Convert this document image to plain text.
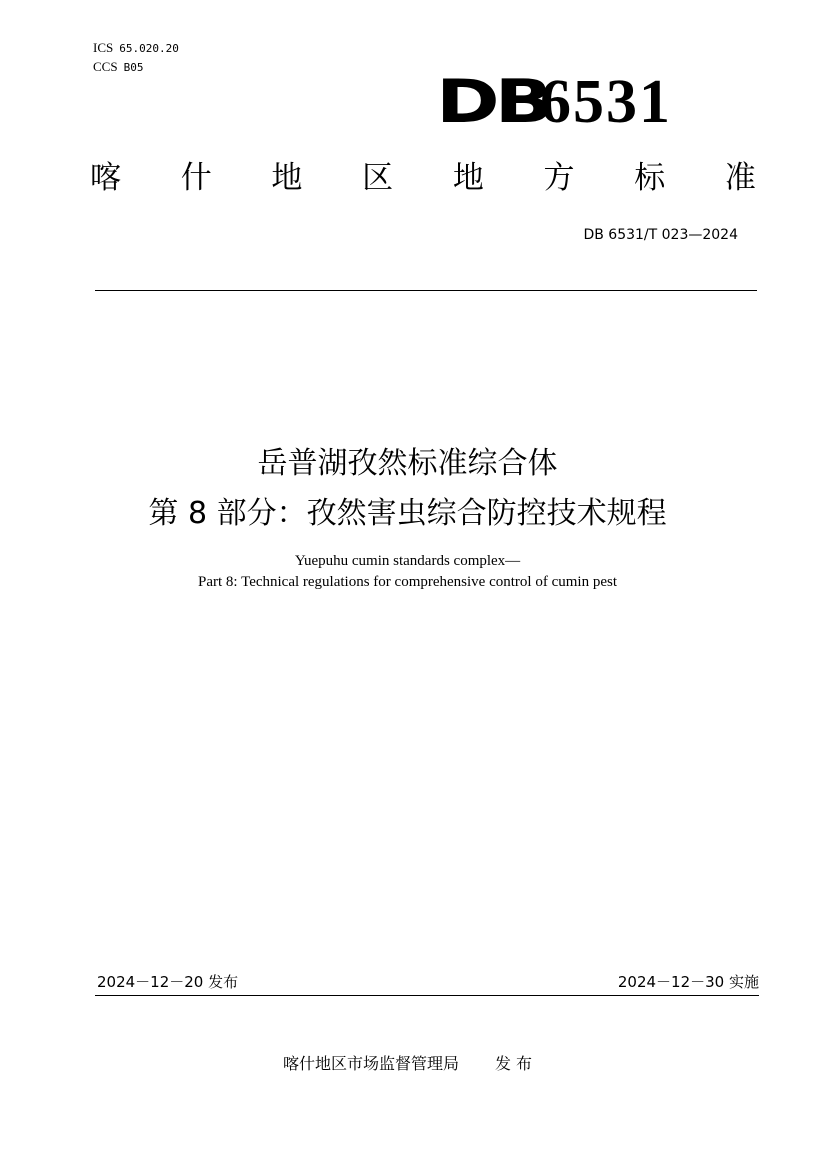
ICS 65.020.20
CCS B05	DB
6531
喀 什 地 区 地 方 标 准
DB 6531/T 023—2024
岳普湖孜然标准综合体
第 8 部分：孜然害虫综合防控技术规程
Yuepuhu cumin standards complex—
Part 8: Technical regulations for comprehensive control of cumin pest
2024－12－20 发布	2024－12－30 实施
喀什地区市场监督管理局 发 布
